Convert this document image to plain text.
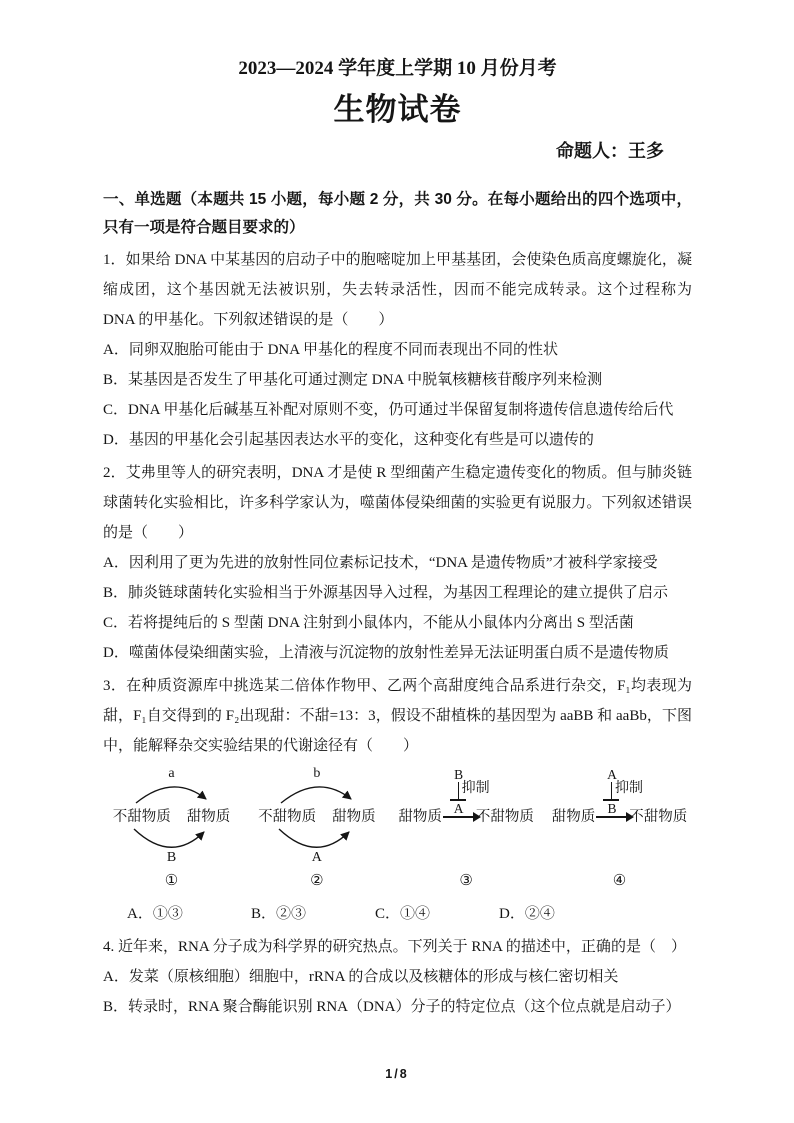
2023—2024 学年度上学期 10 月份月考
生物试卷
命题人：王多
一、单选题（本题共 15 小题，每小题 2 分，共 30 分。在每小题给出的四个选项中，只有一项是符合题目要求的）

1．如果给 DNA 中某基因的启动子中的胞嘧啶加上甲基基团，会使染色质高度螺旋化，凝缩成团，这个基因就无法被识别，失去转录活性，因而不能完成转录。这个过程称为 DNA 的甲基化。下列叙述错误的是（　　）

A．同卵双胞胎可能由于 DNA 甲基化的程度不同而表现出不同的性状

B．某基因是否发生了甲基化可通过测定 DNA 中脱氧核糖核苷酸序列来检测

C．DNA 甲基化后碱基互补配对原则不变，仍可通过半保留复制将遗传信息遗传给后代

D．基因的甲基化会引起基因表达水平的变化，这种变化有些是可以遗传的

2．艾弗里等人的研究表明，DNA 才是使 R 型细菌产生稳定遗传变化的物质。但与肺炎链球菌转化实验相比，许多科学家认为，噬菌体侵染细菌的实验更有说服力。下列叙述错误的是（　　）

A．因利用了更为先进的放射性同位素标记技术，“DNA 是遗传物质”才被科学家接受

B．肺炎链球菌转化实验相当于外源基因导入过程，为基因工程理论的建立提供了启示

C．若将提纯后的 S 型菌 DNA 注射到小鼠体内，不能从小鼠体内分离出 S 型活菌

D．噬菌体侵染细菌实验，上清液与沉淀物的放射性差异无法证明蛋白质不是遗传物质

3．在种质资源库中挑选某二倍体作物甲、乙两个高甜度纯合品系进行杂交，F₁均表现为甜，F₁自交得到的 F₂出现甜：不甜=13：3，假设不甜植株的基因型为 aaBB 和 aaBb，下图中，能解释杂交实验结果的代谢途径有（　　）

a
不甜物质 甜物质
B
①
b
不甜物质 甜物质
A
②
B
抑制
A
甜物质 不甜物质
③
A
抑制
B
甜物质 不甜物质
④
A．①③	B．②③	C．①④	D．②④

4. 近年来，RNA 分子成为科学界的研究热点。下列关于 RNA 的描述中，正确的是（　）

A．发菜（原核细胞）细胞中，rRNA 的合成以及核糖体的形成与核仁密切相关

B．转录时，RNA 聚合酶能识别 RNA（DNA）分子的特定位点（这个位点就是启动子）

1/8
